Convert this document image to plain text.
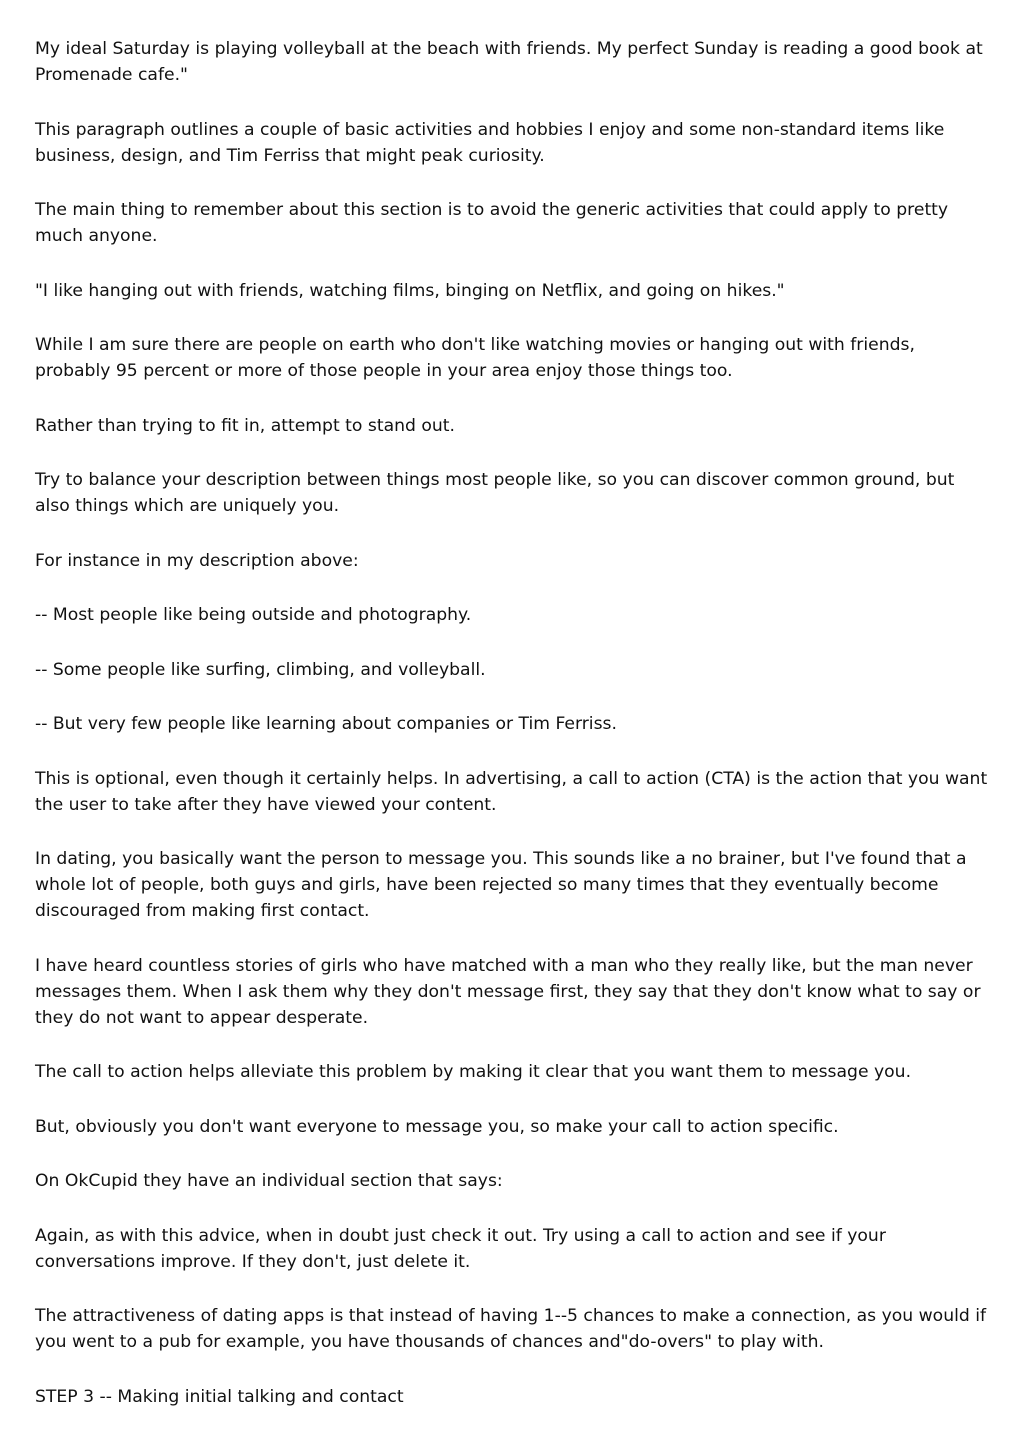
My ideal Saturday is playing volleyball at the beach with friends. My perfect Sunday is reading a good book at Promenade cafe."

This paragraph outlines a couple of basic activities and hobbies I enjoy and some non-standard items like business, design, and Tim Ferriss that might peak curiosity.

The main thing to remember about this section is to avoid the generic activities that could apply to pretty much anyone.

"I like hanging out with friends, watching films, binging on Netflix, and going on hikes."

While I am sure there are people on earth who don't like watching movies or hanging out with friends, probably 95 percent or more of those people in your area enjoy those things too.

Rather than trying to fit in, attempt to stand out.

Try to balance your description between things most people like, so you can discover common ground, but also things which are uniquely you.

For instance in my description above:

-- Most people like being outside and photography.

-- Some people like surfing, climbing, and volleyball.

-- But very few people like learning about companies or Tim Ferriss.

This is optional, even though it certainly helps. In advertising, a call to action (CTA) is the action that you want the user to take after they have viewed your content.

In dating, you basically want the person to message you. This sounds like a no brainer, but I've found that a whole lot of people, both guys and girls, have been rejected so many times that they eventually become discouraged from making first contact.

I have heard countless stories of girls who have matched with a man who they really like, but the man never messages them. When I ask them why they don't message first, they say that they don't know what to say or they do not want to appear desperate.

The call to action helps alleviate this problem by making it clear that you want them to message you.

But, obviously you don't want everyone to message you, so make your call to action specific.

On OkCupid they have an individual section that says:

Again, as with this advice, when in doubt just check it out. Try using a call to action and see if your conversations improve. If they don't, just delete it.

The attractiveness of dating apps is that instead of having 1--5 chances to make a connection, as you would if you went to a pub for example, you have thousands of chances and"do-overs" to play with.

STEP 3 -- Making initial talking and contact
